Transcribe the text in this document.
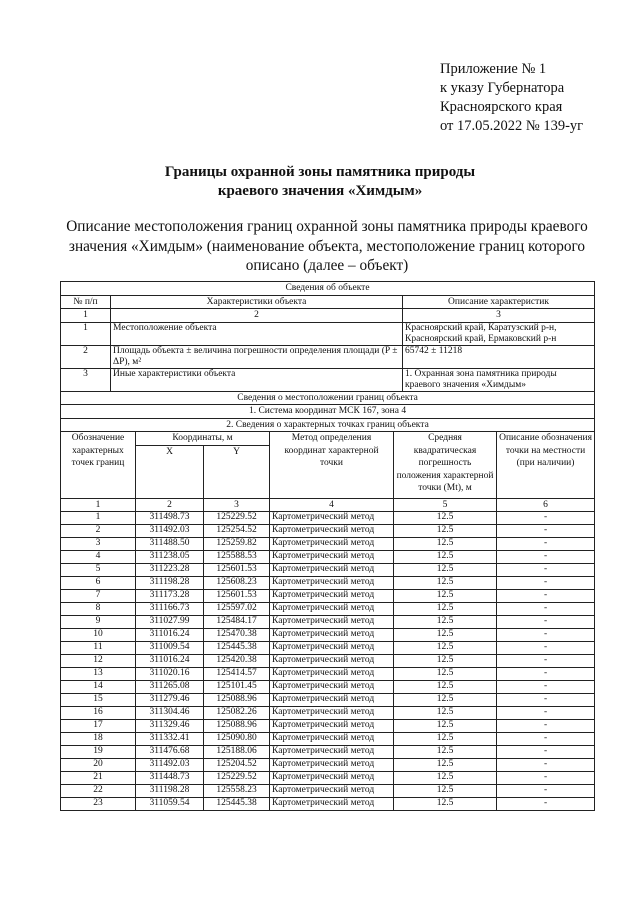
Приложение № 1
к указу Губернатора
Красноярского края
от 17.05.2022 № 139-уг
Границы охранной зоны памятника природы
краевого значения «Химдым»
Описание местоположения границ охранной зоны памятника природы краевого
значения «Химдым» (наименование объекта, местоположение границ которого
описано (далее – объект)
Сведения об объекте		
№ п/п	Характеристики объекта	Описание характеристик
1	2	3
1	Местоположение объекта	Красноярский край, Каратузский р-н, Красноярский край, Ермаковский р-н
2	Площадь объекта ± величина погрешности определения площади (P ± ΔP), м²	65742 ± 11218
3	Иные характеристики объекта	1. Охранная зона памятника природы краевого значения «Химдым»
Сведения о местоположении границ объекта					
1. Система координат МСК 167, зона 4					
2. Сведения о характерных точках границ объекта					
Обозначение характерных точек границ	Координаты, м		Метод определения координат характерной точки	Средняя квадратическая погрешность положения характерной точки (Mt), м	Описание обозначения точки на местности (при наличии)
	X	Y			
1	2	3	4	5	6
1	311498.73	125229.52	Картометрический метод	12.5	-
2	311492.03	125254.52	Картометрический метод	12.5	-
3	311488.50	125259.82	Картометрический метод	12.5	-
4	311238.05	125588.53	Картометрический метод	12.5	-
5	311223.28	125601.53	Картометрический метод	12.5	-
6	311198.28	125608.23	Картометрический метод	12.5	-
7	311173.28	125601.53	Картометрический метод	12.5	-
8	311166.73	125597.02	Картометрический метод	12.5	-
9	311027.99	125484.17	Картометрический метод	12.5	-
10	311016.24	125470.38	Картометрический метод	12.5	-
11	311009.54	125445.38	Картометрический метод	12.5	-
12	311016.24	125420.38	Картометрический метод	12.5	-
13	311020.16	125414.57	Картометрический метод	12.5	-
14	311265.08	125101.45	Картометрический метод	12.5	-
15	311279.46	125088.96	Картометрический метод	12.5	-
16	311304.46	125082.26	Картометрический метод	12.5	-
17	311329.46	125088.96	Картометрический метод	12.5	-
18	311332.41	125090.80	Картометрический метод	12.5	-
19	311476.68	125188.06	Картометрический метод	12.5	-
20	311492.03	125204.52	Картометрический метод	12.5	-
21	311448.73	125229.52	Картометрический метод	12.5	-
22	311198.28	125558.23	Картометрический метод	12.5	-
23	311059.54	125445.38	Картометрический метод	12.5	-
